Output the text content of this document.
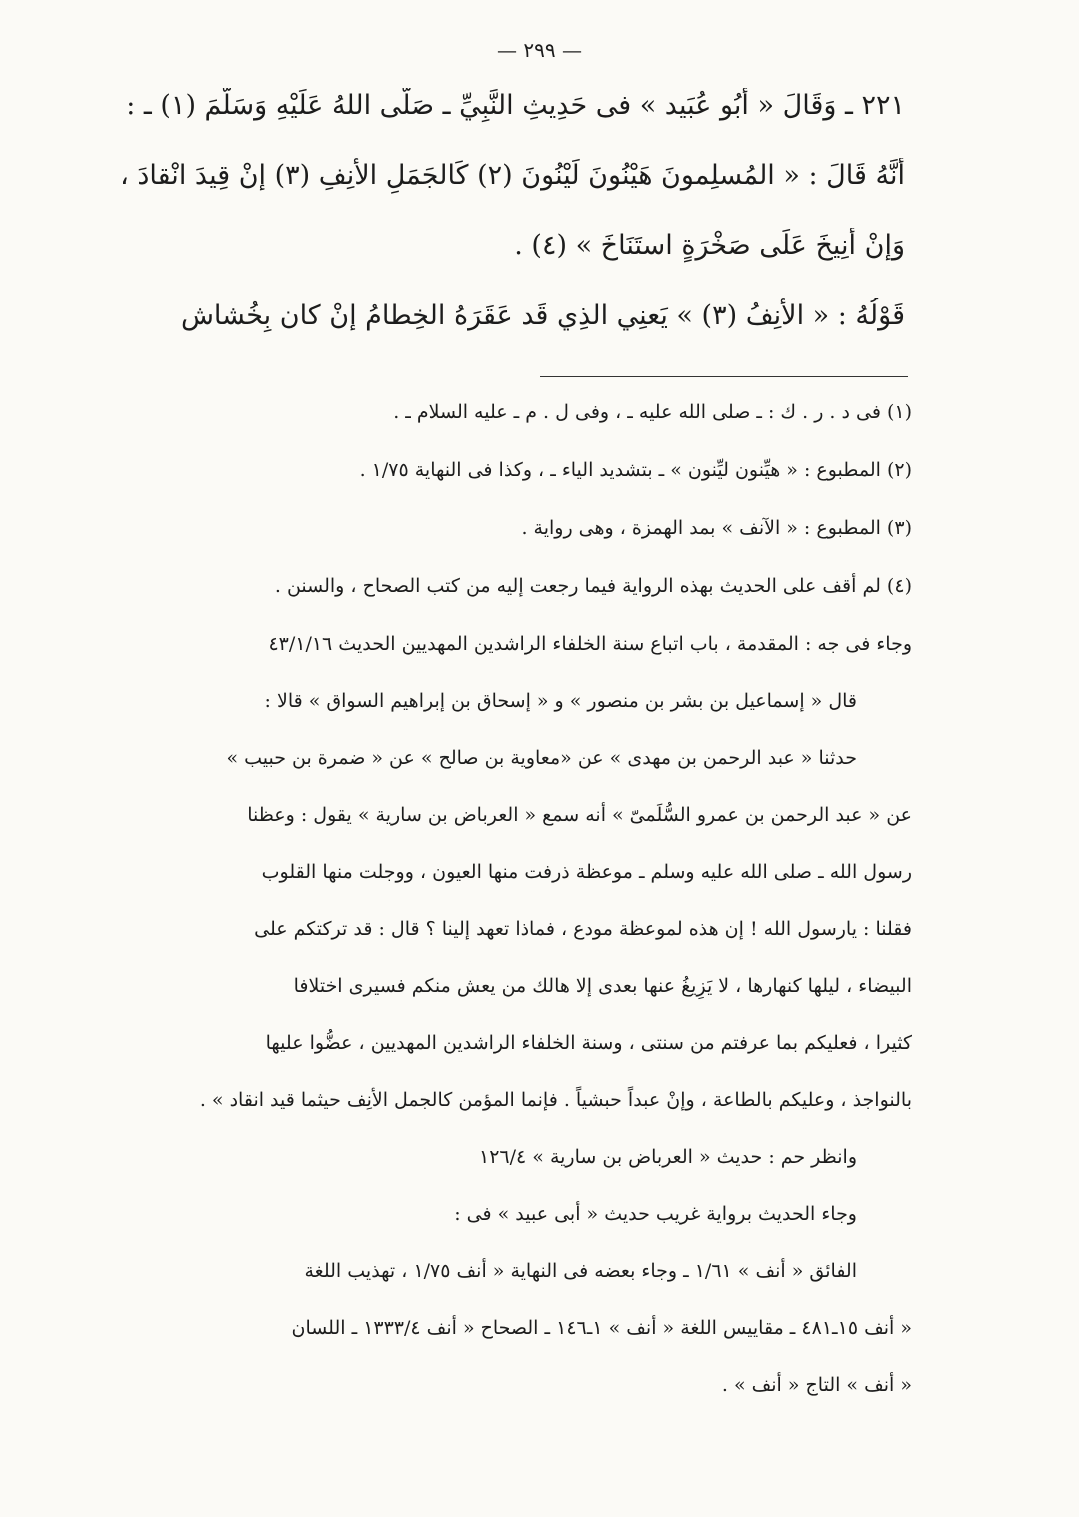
— ٢٩٩ —
٢٢١ ـ وَقَالَ « أَبُو عُبَيد » فى حَدِيثِ النَّبِيِّ ـ صَلَّى اللهُ عَلَيْهِ وَسَلَّمَ (١) ـ :
أَنَّهُ قَالَ : « المُسلِمونَ هَيْنُونَ لَيْنُونَ (٢) كَالجَمَلِ الأَنِفِ (٣) إنْ قِيدَ انْقادَ ،
وَإنْ أُنِيخَ عَلَى صَخْرَةٍ استَنَاخَ » (٤) .
قَوْلُهُ : « الأَنِفُ (٣) » يَعنِي الذِي قَد عَقَرَهُ الخِطامُ إنْ كان بِخُشاش
(١) فى د . ر . ك : ـ صلى الله عليه ـ ، وفى ل . م ـ عليه السلام ـ .
(٢) المطبوع : « هيِّنون ليِّنون » ـ بتشديد الياء ـ ، وكذا فى النهاية ١/٧٥ .
(٣) المطبوع : « الآنف » بمد الهمزة ، وهى رواية .
(٤) لم أقف على الحديث بهذه الرواية فيما رجعت إليه من كتب الصحاح ، والسنن .
وجاء فى جه : المقدمة ، باب اتباع سنة الخلفاء الراشدين المهديين الحديث ٤٣/١/١٦
قال « إسماعيل بن بشر بن منصور » و « إسحاق بن إبراهيم السواق » قالا :
حدثنا « عبد الرحمن بن مهدى » عن «معاوية بن صالح » عن « ضمرة بن حبيب »
عن « عبد الرحمن بن عمرو السُّلَمىّ » أنه سمع « العرباض بن سارية » يقول : وعظنا
رسول الله ـ صلى الله عليه وسلم ـ موعظة ذرفت منها العيون ، ووجلت منها القلوب
فقلنا : يارسول الله ! إن هذه لموعظة مودع ، فماذا تعهد إلينا ؟ قال : قد تركتكم على
البيضاء ، ليلها كنهارها ، لا يَزِيغُ عنها بعدى إلا هالك من يعش منكم فسيرى اختلافا
كثيرا ، فعليكم بما عرفتم من سنتى ، وسنة الخلفاء الراشدين المهديين ، عضُّوا عليها
بالنواجذ ، وعليكم بالطاعة ، وإنْ عبداً حبشياً . فإنما المؤمن كالجمل الأنِف حيثما قيد انقاد » .
وانظر حم : حديث « العرباض بن سارية » ١٢٦/٤
وجاء الحديث برواية غريب حديث « أبى عبيد » فى :
الفائق « أنف » ١/٦١ ـ وجاء بعضه فى النهاية « أنف ١/٧٥ ، تهذيب اللغة
« أنف ١٥ـ٤٨١ ـ مقاييس اللغة « أنف » ١ـ١٤٦ ـ الصحاح « أنف ١٣٣٣/٤ ـ اللسان
« أنف » التاج « أنف » .
